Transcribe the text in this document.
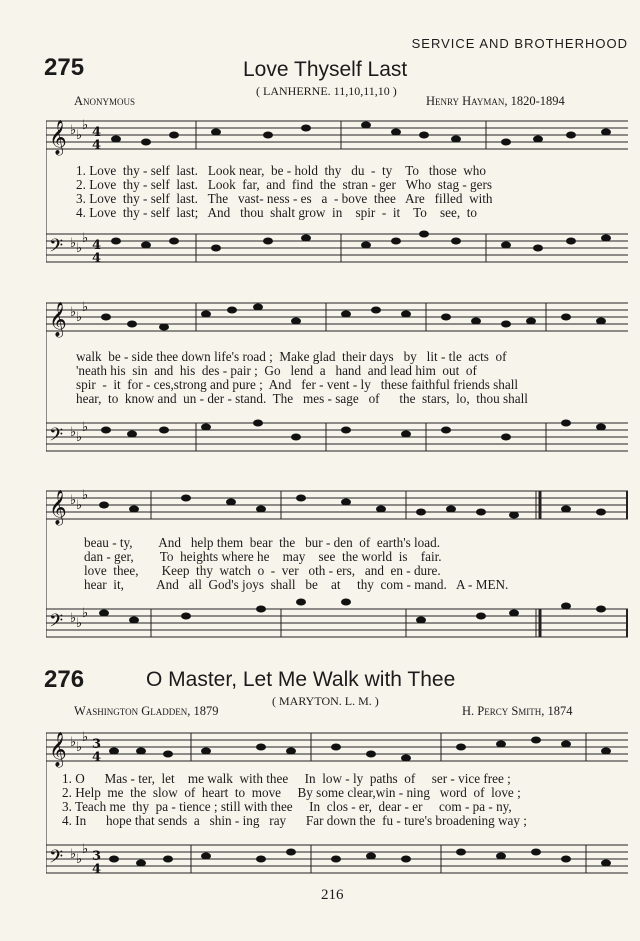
SERVICE AND BROTHERHOOD
275	Love Thyself Last
( LANHERNE. 11,10,11,10 )
Anonymous	Henry Hayman, 1820-1894
𝄞
𝄢
♭ ♭
♭
♭ ♭
♭
4
4
4
4
1. Love  thy - self  last.   Look near,  be - hold  thy   du  -  ty    To   those  who
2. Love  thy - self  last.   Look  far,  and  find  the  stran - ger   Who  stag - gers
3. Love  thy - self  last.   The   vast- ness - es   a  - bove  thee   Are   filled  with
4. Love  thy - self  last;   And   thou  shalt grow  in    spir  -  it    To    see,  to
𝄞
𝄢
♭ ♭
♭
♭ ♭
♭
walk  be - side thee down life's road ;  Make glad  their days   by   lit - tle  acts  of
'neath his  sin  and  his  des - pair ;  Go   lend  a   hand  and lead him  out  of
spir  -  it  for - ces,strong and pure ;  And   fer - vent - ly   these faithful friends shall
hear,  to  know and  un - der - stand.  The   mes - sage   of      the  stars,  lo,  thou shall
𝄞
𝄢
♭ ♭
♭
♭ ♭
♭
beau - ty,        And   help them  bear  the   bur - den  of  earth's load.
dan - ger,        To  heights where he    may    see  the world  is    fair.
love  thee,       Keep  thy  watch  o  -  ver   oth - ers,   and  en - dure.
hear  it,          And   all  God's joys  shall   be    at     thy  com - mand.   A - MEN.
276	O Master, Let Me Walk with Thee
( MARYTON. L. M. )
Washington Gladden, 1879	H. Percy Smith, 1874
𝄞
𝄢
♭ ♭
♭
♭ ♭
♭
3
4
3
4
1. O      Mas - ter,  let    me walk  with thee     In  low - ly  paths  of     ser - vice free ;
2. Help  me  the  slow  of  heart  to  move     By some clear,win - ning   word  of  love ;
3. Teach me  thy  pa - tience ; still with thee     In  clos - er,  dear - er     com - pa - ny,
4. In      hope that sends  a   shin - ing   ray      Far down the  fu - ture's broadening way ;
216
